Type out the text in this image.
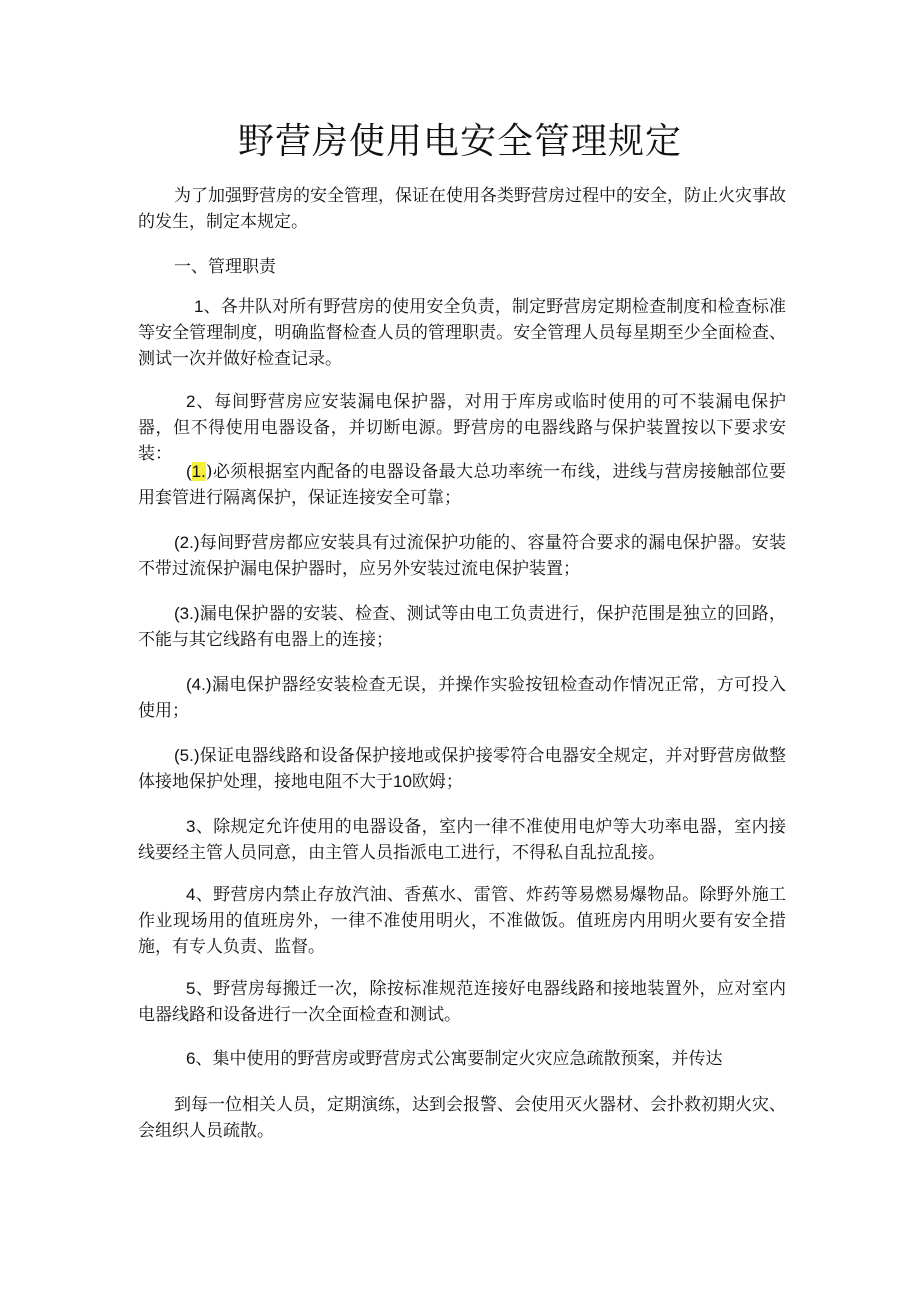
野营房使用电安全管理规定

为了加强野营房的安全管理，保证在使用各类野营房过程中的安全，防止火灾事故的发生，制定本规定。

一、管理职责

1、各井队对所有野营房的使用安全负责，制定野营房定期检查制度和检查标准等安全管理制度，明确监督检查人员的管理职责。安全管理人员每星期至少全面检查、测试一次并做好检查记录。

2、每间野营房应安装漏电保护器，对用于库房或临时使用的可不装漏电保护器，但不得使用电器设备，并切断电源。野营房的电器线路与保护装置按以下要求安装：

(1.)必须根据室内配备的电器设备最大总功率统一布线，进线与营房接触部位要用套管进行隔离保护，保证连接安全可靠；

(2.)每间野营房都应安装具有过流保护功能的、容量符合要求的漏电保护器。安装不带过流保护漏电保护器时，应另外安装过流电保护装置；

(3.)漏电保护器的安装、检查、测试等由电工负责进行，保护范围是独立的回路，不能与其它线路有电器上的连接；

(4.)漏电保护器经安装检查无误，并操作实验按钮检查动作情况正常，方可投入使用；

(5.)保证电器线路和设备保护接地或保护接零符合电器安全规定，并对野营房做整体接地保护处理，接地电阻不大于10欧姆；

3、除规定允许使用的电器设备，室内一律不准使用电炉等大功率电器，室内接线要经主管人员同意，由主管人员指派电工进行，不得私自乱拉乱接。

4、野营房内禁止存放汽油、香蕉水、雷管、炸药等易燃易爆物品。除野外施工作业现场用的值班房外，一律不准使用明火，不准做饭。值班房内用明火要有安全措施，有专人负责、监督。

5、野营房每搬迁一次，除按标准规范连接好电器线路和接地装置外，应对室内电器线路和设备进行一次全面检查和测试。

6、集中使用的野营房或野营房式公寓要制定火灾应急疏散预案，并传达

到每一位相关人员，定期演练，达到会报警、会使用灭火器材、会扑救初期火灾、会组织人员疏散。
